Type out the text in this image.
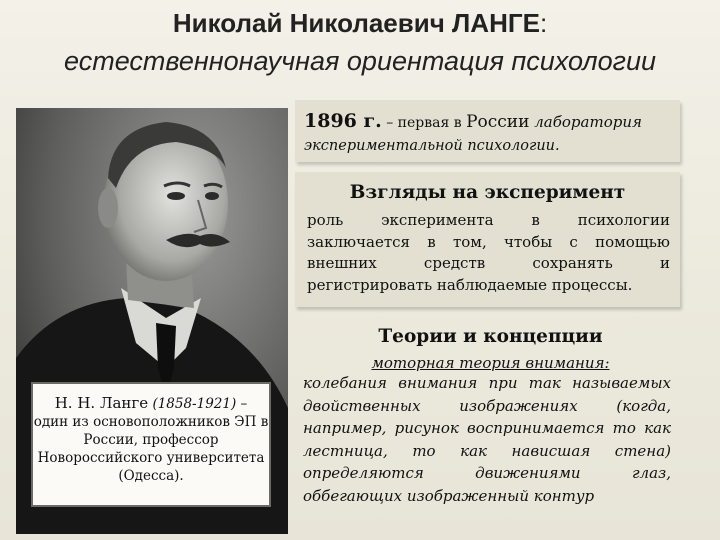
Николай Николаевич ЛАНГЕ:
естественнонаучная ориентация психологии
Н. Н. Ланге (1858-1921) –
один из основоположников ЭП в России, профессор Новороссийского университета (Одесса).
1896 г. – первая в России лаборатория
экспериментальной психологии.
Взгляды на эксперимент
роль эксперимента в психологии заключается в том, чтобы с помощью внешних средств сохранять и регистрировать наблюдаемые процессы.
Теории и концепции
моторная теория внимания:
колебания внимания при так называемых двойственных изображениях (когда, например, рисунок воспринимается то как лестница, то как нависшая стена) определяются движениями глаз, оббегающих изображенный контур
